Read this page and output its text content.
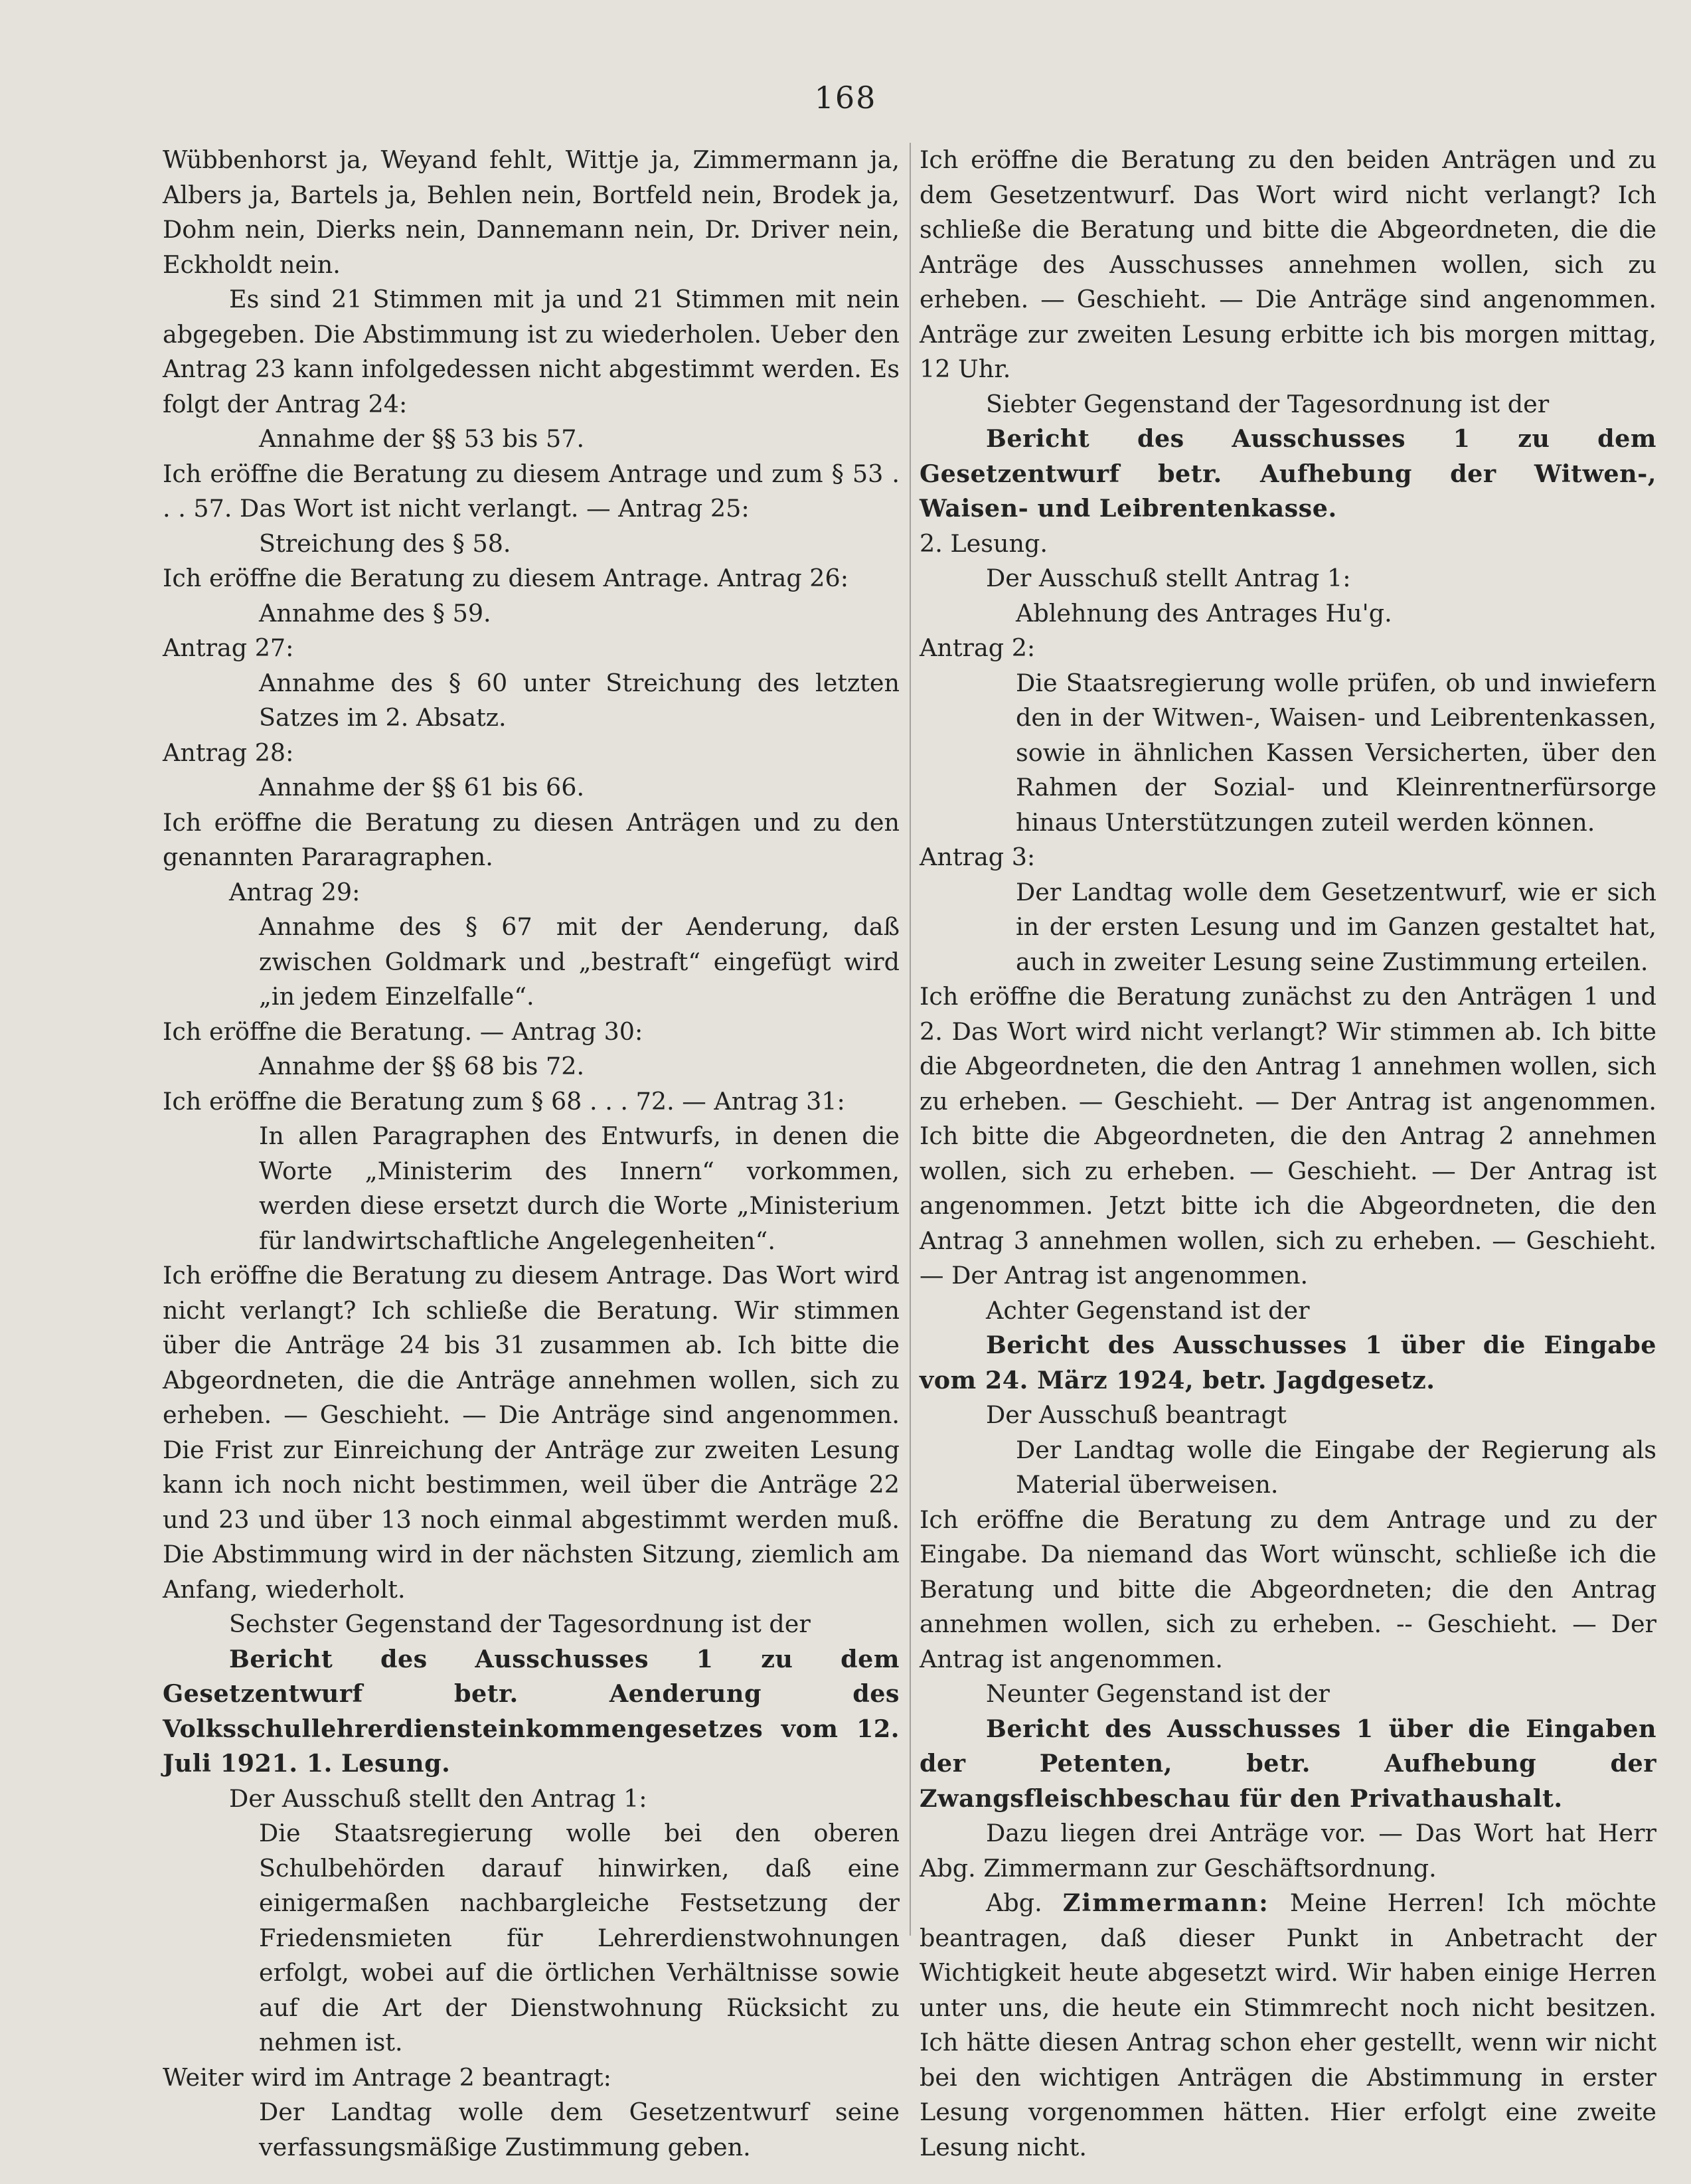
168

Wübbenhorst ja, Weyand fehlt, Wittje ja, Zimmermann ja, Albers ja, Bartels ja, Behlen nein, Bortfeld nein, Brodek ja, Dohm nein, Dierks nein, Dannemann nein, Dr. Driver nein, Eckholdt nein.

Es sind 21 Stimmen mit ja und 21 Stimmen mit nein abgegeben. Die Abstimmung ist zu wiederholen. Ueber den Antrag 23 kann infolgedessen nicht abgestimmt werden. Es folgt der Antrag 24:

Annahme der §§ 53 bis 57.

Ich eröffne die Beratung zu diesem Antrage und zum § 53 . . . 57. Das Wort ist nicht verlangt. — Antrag 25:

Streichung des § 58.

Ich eröffne die Beratung zu diesem Antrage. Antrag 26:

Annahme des § 59.

Antrag 27:

Annahme des § 60 unter Streichung des letzten Satzes im 2. Absatz.

Antrag 28:

Annahme der §§ 61 bis 66.

Ich eröffne die Beratung zu diesen Anträgen und zu den genannten Pararagraphen.

Antrag 29:

Annahme des § 67 mit der Aenderung, daß zwischen Goldmark und „bestraft“ eingefügt wird „in jedem Einzelfalle“.

Ich eröffne die Beratung. — Antrag 30:

Annahme der §§ 68 bis 72.

Ich eröffne die Beratung zum § 68 . . . 72. — Antrag 31:

In allen Paragraphen des Entwurfs, in denen die Worte „Ministerim des Innern“ vorkommen, werden diese ersetzt durch die Worte „Ministerium für landwirtschaftliche Angelegenheiten“.

Ich eröffne die Beratung zu diesem Antrage. Das Wort wird nicht verlangt? Ich schließe die Beratung. Wir stimmen über die Anträge 24 bis 31 zusammen ab. Ich bitte die Abgeordneten, die die Anträge annehmen wollen, sich zu erheben. — Geschieht. — Die Anträge sind angenommen. Die Frist zur Einreichung der Anträge zur zweiten Lesung kann ich noch nicht bestimmen, weil über die Anträge 22 und 23 und über 13 noch einmal abgestimmt werden muß. Die Abstimmung wird in der nächsten Sitzung, ziemlich am Anfang, wiederholt.

Sechster Gegenstand der Tagesordnung ist der

Bericht des Ausschusses 1 zu dem Gesetzentwurf betr. Aenderung des Volksschullehrerdiensteinkommengesetzes vom 12. Juli 1921. 1. Lesung.

Der Ausschuß stellt den Antrag 1:

Die Staatsregierung wolle bei den oberen Schulbehörden darauf hinwirken, daß eine einigermaßen nachbargleiche Festsetzung der Friedensmieten für Lehrerdienstwohnungen erfolgt, wobei auf die örtlichen Verhältnisse sowie auf die Art der Dienstwohnung Rücksicht zu nehmen ist.

Weiter wird im Antrage 2 beantragt:

Der Landtag wolle dem Gesetzentwurf seine verfassungsmäßige Zustimmung geben.

Ich eröffne die Beratung zu den beiden Anträgen und zu dem Gesetzentwurf. Das Wort wird nicht verlangt? Ich schließe die Beratung und bitte die Abgeordneten, die die Anträge des Ausschusses annehmen wollen, sich zu erheben. — Geschieht. — Die Anträge sind angenommen. Anträge zur zweiten Lesung erbitte ich bis morgen mittag, 12 Uhr.

Siebter Gegenstand der Tagesordnung ist der

Bericht des Ausschusses 1 zu dem Gesetzentwurf betr. Aufhebung der Witwen-, Waisen- und Leibrentenkasse.

2. Lesung.

Der Ausschuß stellt Antrag 1:

Ablehnung des Antrages Hu'g.

Antrag 2:

Die Staatsregierung wolle prüfen, ob und inwiefern den in der Witwen-, Waisen- und Leibrentenkassen, sowie in ähnlichen Kassen Versicherten, über den Rahmen der Sozial- und Kleinrentnerfürsorge hinaus Unterstützungen zuteil werden können.

Antrag 3:

Der Landtag wolle dem Gesetzentwurf, wie er sich in der ersten Lesung und im Ganzen gestaltet hat, auch in zweiter Lesung seine Zustimmung erteilen.

Ich eröffne die Beratung zunächst zu den Anträgen 1 und 2. Das Wort wird nicht verlangt? Wir stimmen ab. Ich bitte die Abgeordneten, die den Antrag 1 annehmen wollen, sich zu erheben. — Geschieht. — Der Antrag ist angenommen. Ich bitte die Abgeordneten, die den Antrag 2 annehmen wollen, sich zu erheben. — Geschieht. — Der Antrag ist angenommen. Jetzt bitte ich die Abgeordneten, die den Antrag 3 annehmen wollen, sich zu erheben. — Geschieht. — Der Antrag ist angenommen.

Achter Gegenstand ist der

Bericht des Ausschusses 1 über die Eingabe vom 24. März 1924, betr. Jagdgesetz.

Der Ausschuß beantragt

Der Landtag wolle die Eingabe der Regierung als Material überweisen.

Ich eröffne die Beratung zu dem Antrage und zu der Eingabe. Da niemand das Wort wünscht, schließe ich die Beratung und bitte die Abgeordneten; die den Antrag annehmen wollen, sich zu erheben. -- Geschieht. — Der Antrag ist angenommen.

Neunter Gegenstand ist der

Bericht des Ausschusses 1 über die Eingaben der Petenten, betr. Aufhebung der Zwangsfleischbeschau für den Privathaushalt.

Dazu liegen drei Anträge vor. — Das Wort hat Herr Abg. Zimmermann zur Geschäftsordnung.

Abg. Zimmermann: Meine Herren! Ich möchte beantragen, daß dieser Punkt in Anbetracht der Wichtigkeit heute abgesetzt wird. Wir haben einige Herren unter uns, die heute ein Stimmrecht noch nicht besitzen. Ich hätte diesen Antrag schon eher gestellt, wenn wir nicht bei den wichtigen Anträgen die Abstimmung in erster Lesung vorgenommen hätten. Hier erfolgt eine zweite Lesung nicht.
